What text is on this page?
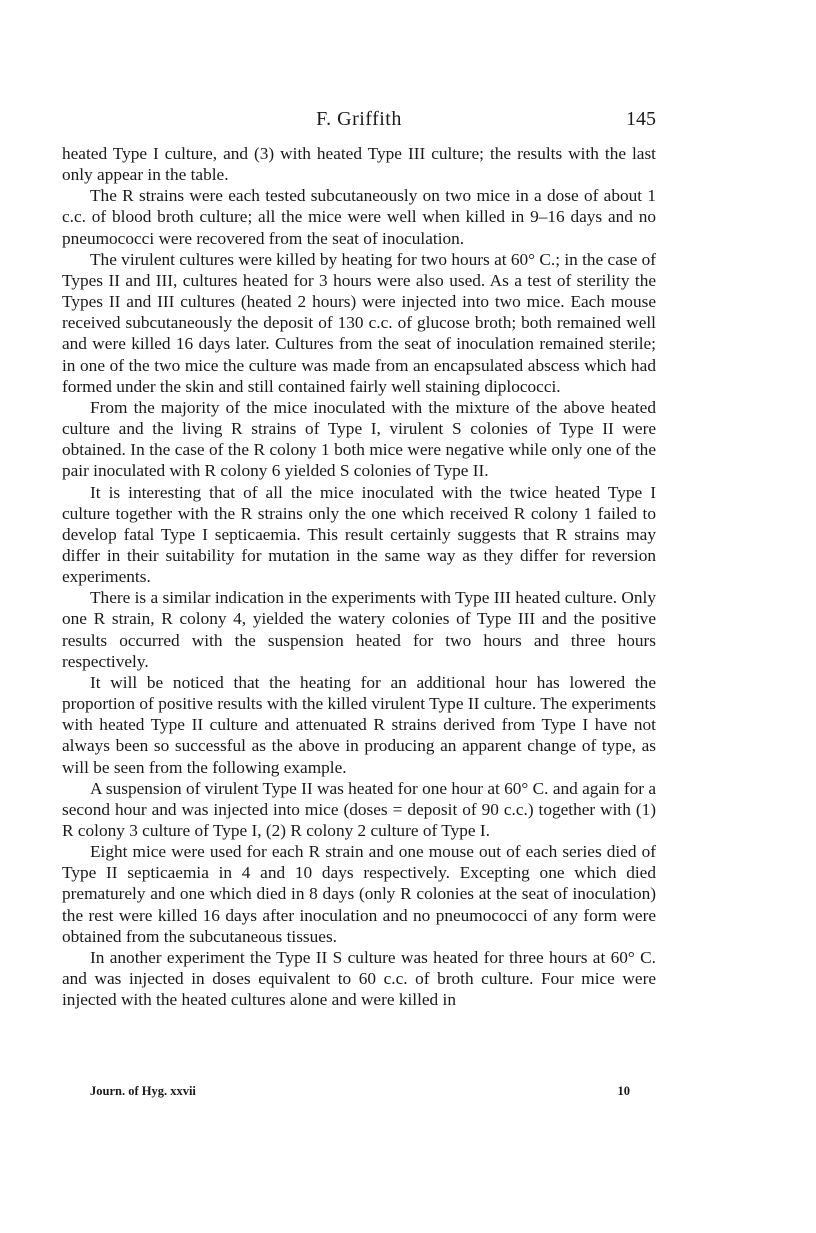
F. Griffith	145

heated Type I culture, and (3) with heated Type III culture; the results with the last only appear in the table.

The R strains were each tested subcutaneously on two mice in a dose of about 1 c.c. of blood broth culture; all the mice were well when killed in 9–16 days and no pneumococci were recovered from the seat of inoculation.

The virulent cultures were killed by heating for two hours at 60° C.; in the case of Types II and III, cultures heated for 3 hours were also used. As a test of sterility the Types II and III cultures (heated 2 hours) were injected into two mice. Each mouse received subcutaneously the deposit of 130 c.c. of glucose broth; both remained well and were killed 16 days later. Cultures from the seat of inoculation remained sterile; in one of the two mice the culture was made from an encapsulated abscess which had formed under the skin and still contained fairly well staining diplococci.

From the majority of the mice inoculated with the mixture of the above heated culture and the living R strains of Type I, virulent S colonies of Type II were obtained. In the case of the R colony 1 both mice were negative while only one of the pair inoculated with R colony 6 yielded S colonies of Type II.

It is interesting that of all the mice inoculated with the twice heated Type I culture together with the R strains only the one which received R colony 1 failed to develop fatal Type I septicaemia. This result certainly suggests that R strains may differ in their suitability for mutation in the same way as they differ for reversion experiments.

There is a similar indication in the experiments with Type III heated culture. Only one R strain, R colony 4, yielded the watery colonies of Type III and the positive results occurred with the suspension heated for two hours and three hours respectively.

It will be noticed that the heating for an additional hour has lowered the proportion of positive results with the killed virulent Type II culture. The experiments with heated Type II culture and attenuated R strains derived from Type I have not always been so successful as the above in producing an apparent change of type, as will be seen from the following example.

A suspension of virulent Type II was heated for one hour at 60° C. and again for a second hour and was injected into mice (doses = deposit of 90 c.c.) together with (1) R colony 3 culture of Type I, (2) R colony 2 culture of Type I.

Eight mice were used for each R strain and one mouse out of each series died of Type II septicaemia in 4 and 10 days respectively. Excepting one which died prematurely and one which died in 8 days (only R colonies at the seat of inoculation) the rest were killed 16 days after inoculation and no pneumococci of any form were obtained from the subcutaneous tissues.

In another experiment the Type II S culture was heated for three hours at 60° C. and was injected in doses equivalent to 60 c.c. of broth culture. Four mice were injected with the heated cultures alone and were killed in

Journ. of Hyg. xxvii	10
